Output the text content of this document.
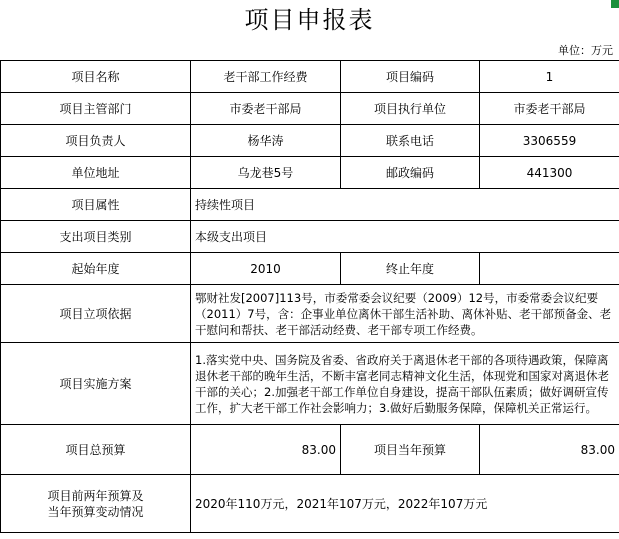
项目申报表
单位：万元
项目名称	老干部工作经费	项目编码	1
项目主管部门	市委老干部局	项目执行单位	市委老干部局
项目负责人	杨华涛	联系电话	3306559
单位地址	乌龙巷5号	邮政编码	441300
项目属性	持续性项目		
支出项目类别	本级支出项目		
起始年度	2010	终止年度	
项目立项依据	鄂财社发[2007]113号，市委常委会议纪要（2009）12号，市委常委会议纪要（2011）7号，含：企事业单位离休干部生活补助、离休补贴、老干部预备金、老干慰问和帮扶、老干部活动经费、老干部专项工作经费。		
项目实施方案	1.落实党中央、国务院及省委、省政府关于离退休老干部的各项待遇政策，保障离退休老干部的晚年生活，不断丰富老同志精神文化生活，体现党和国家对离退休老干部的关心；2.加强老干部工作单位自身建设，提高干部队伍素质；做好调研宣传工作，扩大老干部工作社会影响力；3.做好后勤服务保障，保障机关正常运行。		
项目总预算	83.00	项目当年预算	83.00

项目前两年预算及
当年预算变动情况	2020年110万元，2021年107万元，2022年107万元		
